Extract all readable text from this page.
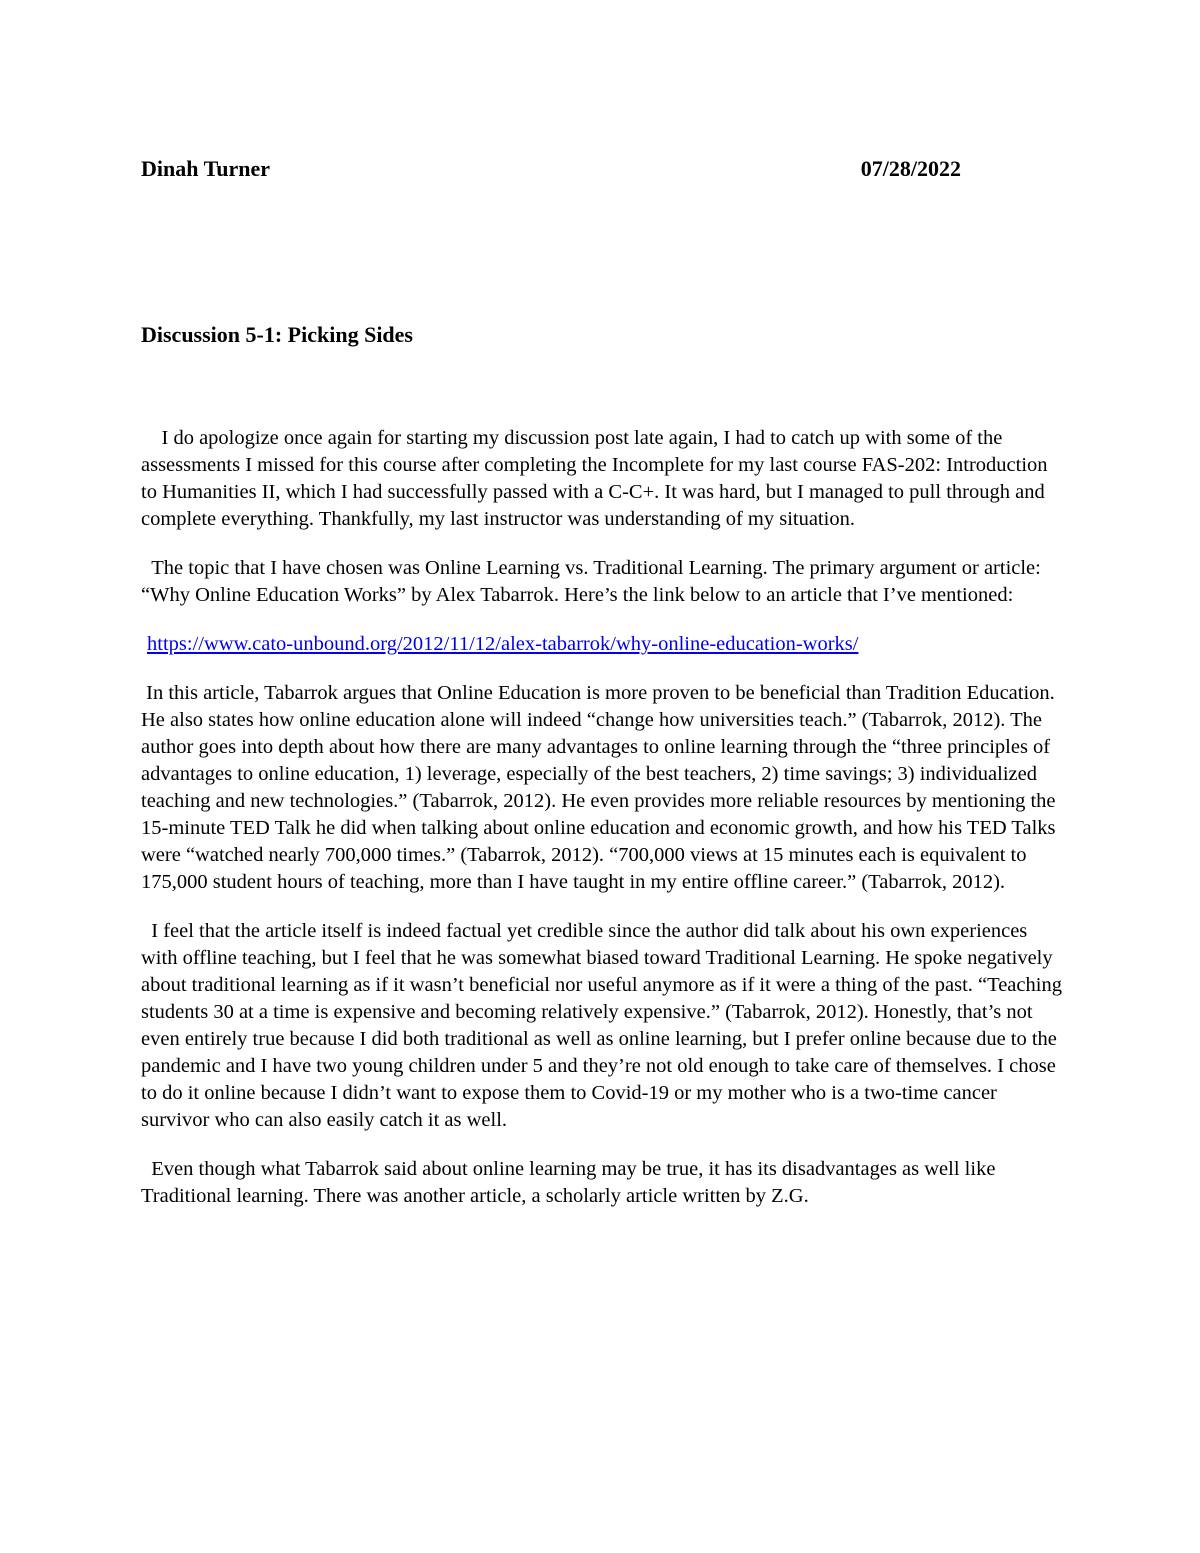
Dinah Turner	07/28/2022
Discussion 5-1: Picking Sides

I do apologize once again for starting my discussion post late again, I had to catch up with some of the assessments I missed for this course after completing the Incomplete for my last course FAS-202: Introduction to Humanities II, which I had successfully passed with a C-C+. It was hard, but I managed to pull through and complete everything. Thankfully, my last instructor was understanding of my situation.

The topic that I have chosen was Online Learning vs. Traditional Learning. The primary argument or article: “Why Online Education Works” by Alex Tabarrok. Here’s the link below to an article that I’ve mentioned:

https://www.cato-unbound.org/2012/11/12/alex-tabarrok/why-online-education-works/

In this article, Tabarrok argues that Online Education is more proven to be beneficial than Tradition Education. He also states how online education alone will indeed “change how universities teach.” (Tabarrok, 2012). The author goes into depth about how there are many advantages to online learning through the “three principles of advantages to online education, 1) leverage, especially of the best teachers, 2) time savings; 3) individualized teaching and new technologies.” (Tabarrok, 2012). He even provides more reliable resources by mentioning the 15-minute TED Talk he did when talking about online education and economic growth, and how his TED Talks were “watched nearly 700,000 times.” (Tabarrok, 2012). “700,000 views at 15 minutes each is equivalent to 175,000 student hours of teaching, more than I have taught in my entire offline career.” (Tabarrok, 2012).

I feel that the article itself is indeed factual yet credible since the author did talk about his own experiences with offline teaching, but I feel that he was somewhat biased toward Traditional Learning. He spoke negatively about traditional learning as if it wasn’t beneficial nor useful anymore as if it were a thing of the past. “Teaching students 30 at a time is expensive and becoming relatively expensive.” (Tabarrok, 2012). Honestly, that’s not even entirely true because I did both traditional as well as online learning, but I prefer online because due to the pandemic and I have two young children under 5 and they’re not old enough to take care of themselves. I chose to do it online because I didn’t want to expose them to Covid-19 or my mother who is a two-time cancer survivor who can also easily catch it as well.

Even though what Tabarrok said about online learning may be true, it has its disadvantages as well like Traditional learning. There was another article, a scholarly article written by Z.G.
